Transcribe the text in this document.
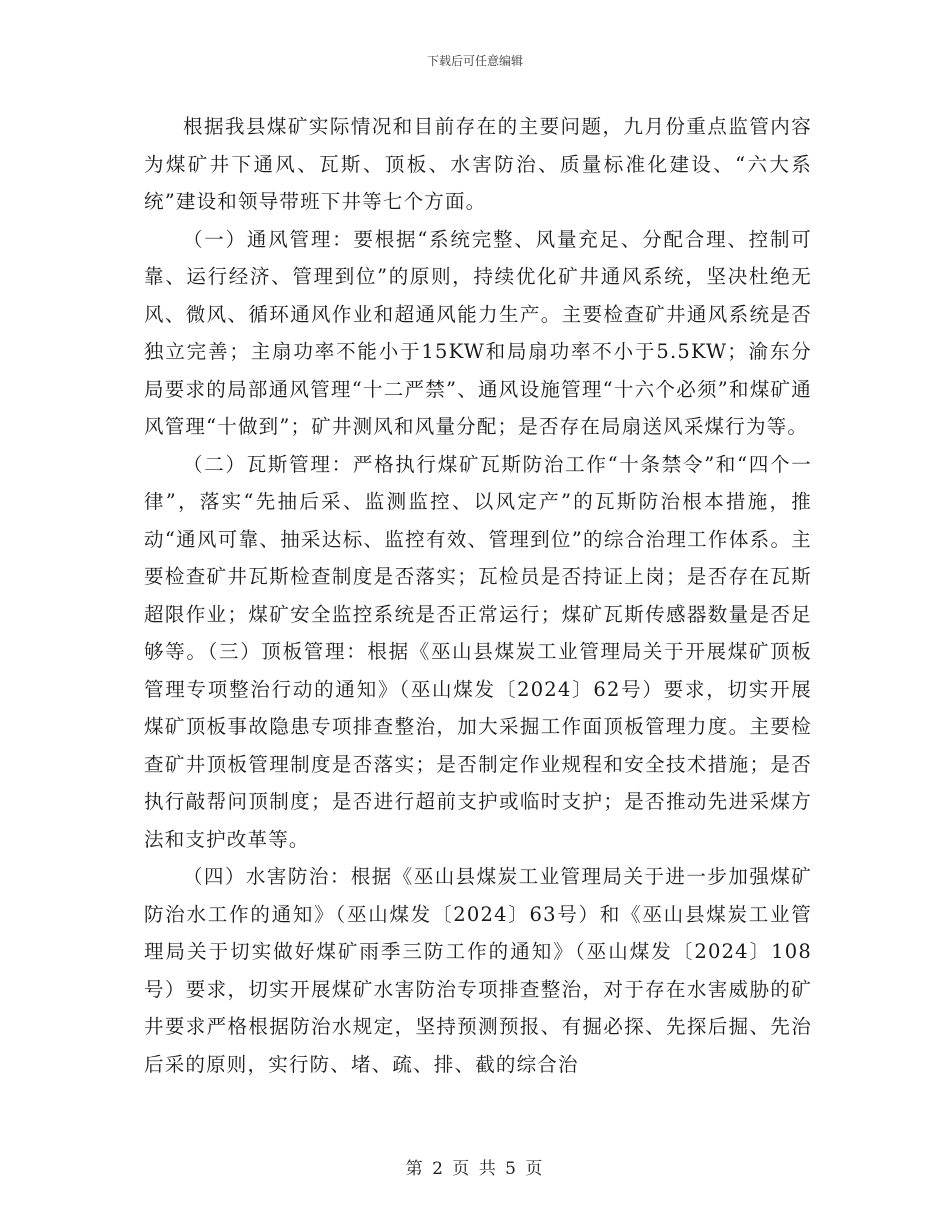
下载后可任意编辑

根据我县煤矿实际情况和目前存在的主要问题，九月份重点监管内容为煤矿井下通风、瓦斯、顶板、水害防治、质量标准化建设、“六大系统”建设和领导带班下井等七个方面。

（一）通风管理：要根据“系统完整、风量充足、分配合理、控制可靠、运行经济、管理到位”的原则，持续优化矿井通风系统，坚决杜绝无风、微风、循环通风作业和超通风能力生产。主要检查矿井通风系统是否独立完善；主扇功率不能小于15KW和局扇功率不小于5.5KW；渝东分局要求的局部通风管理“十二严禁”、通风设施管理“十六个必须”和煤矿通风管理“十做到”；矿井测风和风量分配；是否存在局扇送风采煤行为等。

（二）瓦斯管理：严格执行煤矿瓦斯防治工作“十条禁令”和“四个一律”，落实“先抽后采、监测监控、以风定产”的瓦斯防治根本措施，推动“通风可靠、抽采达标、监控有效、管理到位”的综合治理工作体系。主要检查矿井瓦斯检查制度是否落实；瓦检员是否持证上岗；是否存在瓦斯超限作业；煤矿安全监控系统是否正常运行；煤矿瓦斯传感器数量是否足够等。（三）顶板管理：根据《巫山县煤炭工业管理局关于开展煤矿顶板管理专项整治行动的通知》（巫山煤发〔2024〕62号）要求，切实开展煤矿顶板事故隐患专项排查整治，加大采掘工作面顶板管理力度。主要检查矿井顶板管理制度是否落实；是否制定作业规程和安全技术措施；是否执行敲帮问顶制度；是否进行超前支护或临时支护；是否推动先进采煤方法和支护改革等。

（四）水害防治：根据《巫山县煤炭工业管理局关于进一步加强煤矿防治水工作的通知》（巫山煤发〔2024〕63号）和《巫山县煤炭工业管理局关于切实做好煤矿雨季三防工作的通知》（巫山煤发〔2024〕108号）要求，切实开展煤矿水害防治专项排查整治，对于存在水害威胁的矿井要求严格根据防治水规定，坚持预测预报、有掘必探、先探后掘、先治后采的原则，实行防、堵、疏、排、截的综合治

第 2 页 共 5 页
